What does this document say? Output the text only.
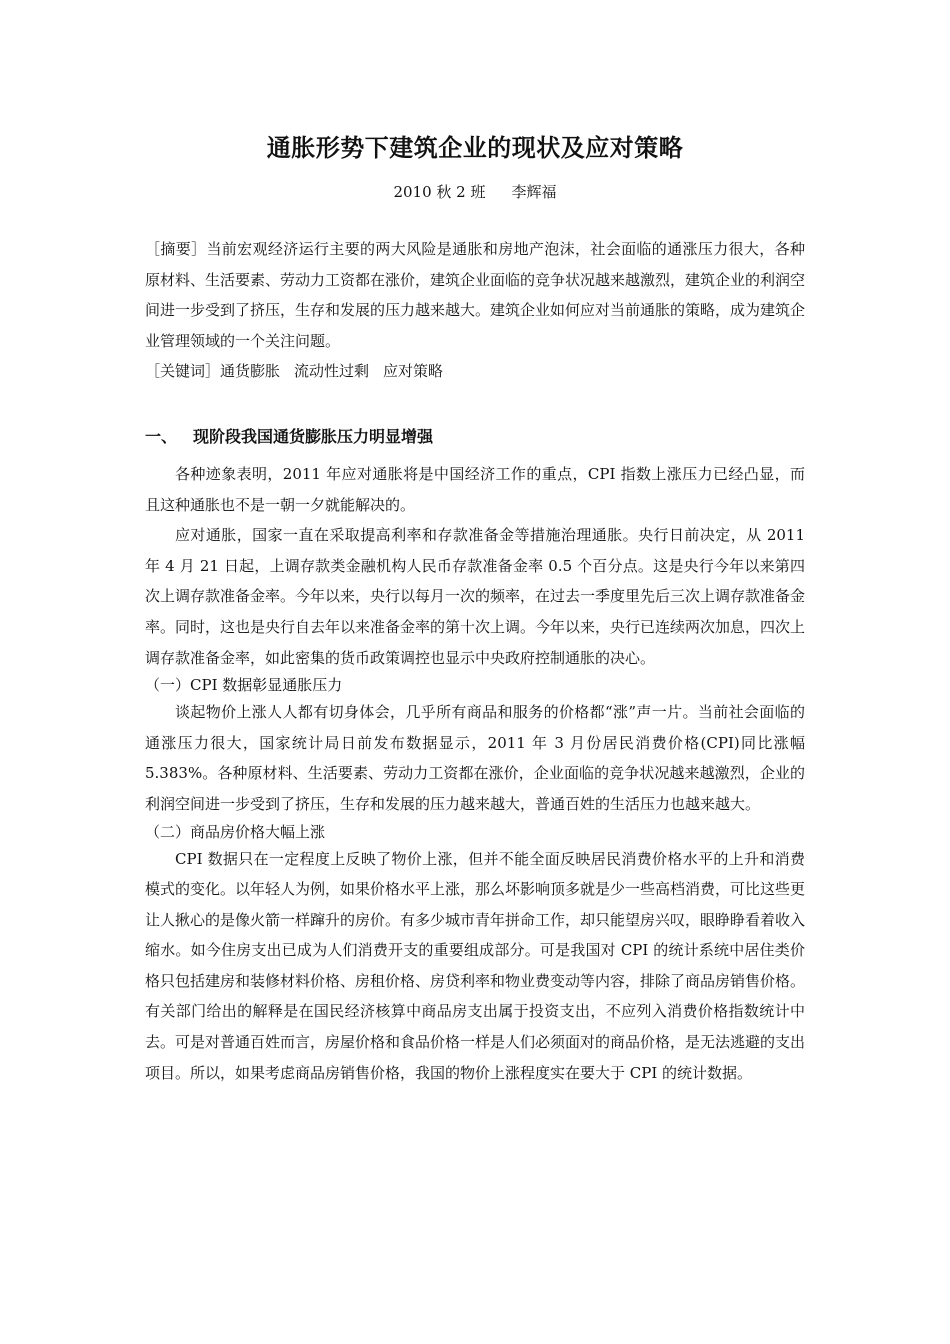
通胀形势下建筑企业的现状及应对策略
2010 秋 2 班 李辉福

［摘要］当前宏观经济运行主要的两大风险是通胀和房地产泡沫，社会面临的通涨压力很大，各种原材料、生活要素、劳动力工资都在涨价，建筑企业面临的竞争状况越来越激烈，建筑企业的利润空间进一步受到了挤压，生存和发展的压力越来越大。建筑企业如何应对当前通胀的策略，成为建筑企业管理领域的一个关注问题。

［关键词］通货膨胀 流动性过剩 应对策略

一、 现阶段我国通货膨胀压力明显增强

各种迹象表明，2011 年应对通胀将是中国经济工作的重点，CPI 指数上涨压力已经凸显，而且这种通胀也不是一朝一夕就能解决的。

应对通胀，国家一直在采取提高利率和存款准备金等措施治理通胀。央行日前决定，从 2011 年 4 月 21 日起，上调存款类金融机构人民币存款准备金率 0.5 个百分点。这是央行今年以来第四次上调存款准备金率。今年以来，央行以每月一次的频率，在过去一季度里先后三次上调存款准备金率。同时，这也是央行自去年以来准备金率的第十次上调。今年以来，央行已连续两次加息，四次上调存款准备金率，如此密集的货币政策调控也显示中央政府控制通胀的决心。

（一）CPI 数据彰显通胀压力

谈起物价上涨人人都有切身体会，几乎所有商品和服务的价格都“涨”声一片。当前社会面临的通涨压力很大，国家统计局日前发布数据显示，2011 年 3 月份居民消费价格(CPI)同比涨幅 5.383%。各种原材料、生活要素、劳动力工资都在涨价，企业面临的竞争状况越来越激烈，企业的利润空间进一步受到了挤压，生存和发展的压力越来越大，普通百姓的生活压力也越来越大。

（二）商品房价格大幅上涨

CPI 数据只在一定程度上反映了物价上涨，但并不能全面反映居民消费价格水平的上升和消费模式的变化。以年轻人为例，如果价格水平上涨，那么坏影响顶多就是少一些高档消费，可比这些更让人揪心的是像火箭一样蹿升的房价。有多少城市青年拼命工作，却只能望房兴叹，眼睁睁看着收入缩水。如今住房支出已成为人们消费开支的重要组成部分。可是我国对 CPI 的统计系统中居住类价格只包括建房和装修材料价格、房租价格、房贷利率和物业费变动等内容，排除了商品房销售价格。有关部门给出的解释是在国民经济核算中商品房支出属于投资支出，不应列入消费价格指数统计中去。可是对普通百姓而言，房屋价格和食品价格一样是人们必须面对的商品价格，是无法逃避的支出项目。所以，如果考虑商品房销售价格，我国的物价上涨程度实在要大于 CPI 的统计数据。
